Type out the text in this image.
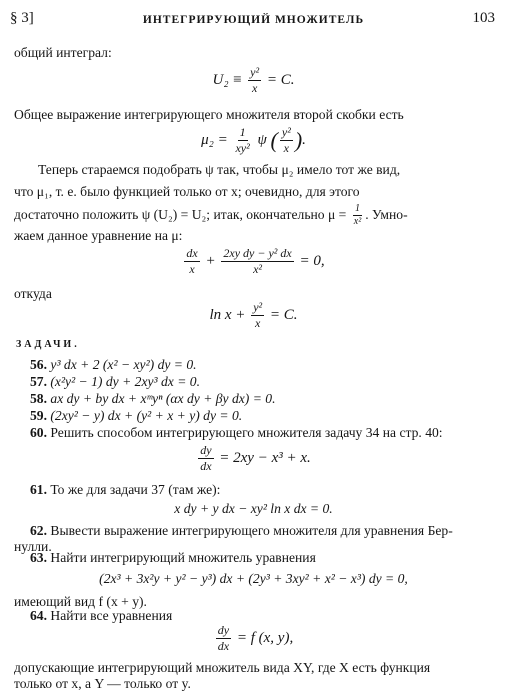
§ 3]	ИНТЕГРИРУЮЩИЙ МНОЖИТЕЛЬ	103
общий интеграл:
$U_2 \equiv \frac{\text{y²}}{x} = C$.
Общее выражение интегрирующего множителя второй скобки есть
$\mu_2 = \frac{1}{\text{xy²}}$ ψ ( $\frac{\text{y²}}{x}$ ).
Теперь стараемся подобрать ψ так, чтобы μ₂ имело тот же вид,
что μ₁, т. е. было функцией только от x; очевидно, для этого
достаточно положить ψ (U₂) = U₂; итак, окончательно $\mu = \frac{1}{\text{x²}}$ . Умно-
жаем данное уравнение на μ:
$\frac{dx}{x} + \frac{\text{2xy dy − y² dx}}{\text{x²}} = 0$,
откуда
$\ln x + \frac{\text{y²}}{x} = C$.
ЗАДАЧИ.
56. y³ dx + 2 (x² − xy²) dy = 0.
57. (x²y² − 1) dy + 2xy³ dx = 0.
58. ax dy + by dx + xᵐyⁿ (αx dy + βy dx) = 0.
59. (2xy² − y) dx + (y² + x + y) dy = 0.
60. Решить способом интегрирующего множителя задачу 34 на стр. 40:
$\frac{dy}{dx} = 2xy - x^3 + x$.
61. То же для задачи 37 (там же):
x dy + y dx − xy² ln x dx = 0.
62. Вывести выражение интегрирующего множителя для уравнения Бер-
нулли.
63. Найти интегрирующий множитель уравнения
(2x³ + 3x²y + y² − y³) dx + (2y³ + 3xy² + x² − x³) dy = 0,
имеющий вид f (x + y).
64. Найти все уравнения
$\frac{dy}{dx} = f$ (x, y),
допускающие интегрирующий множитель вида XY, где X есть функция
только от x, а Y — только от y.
